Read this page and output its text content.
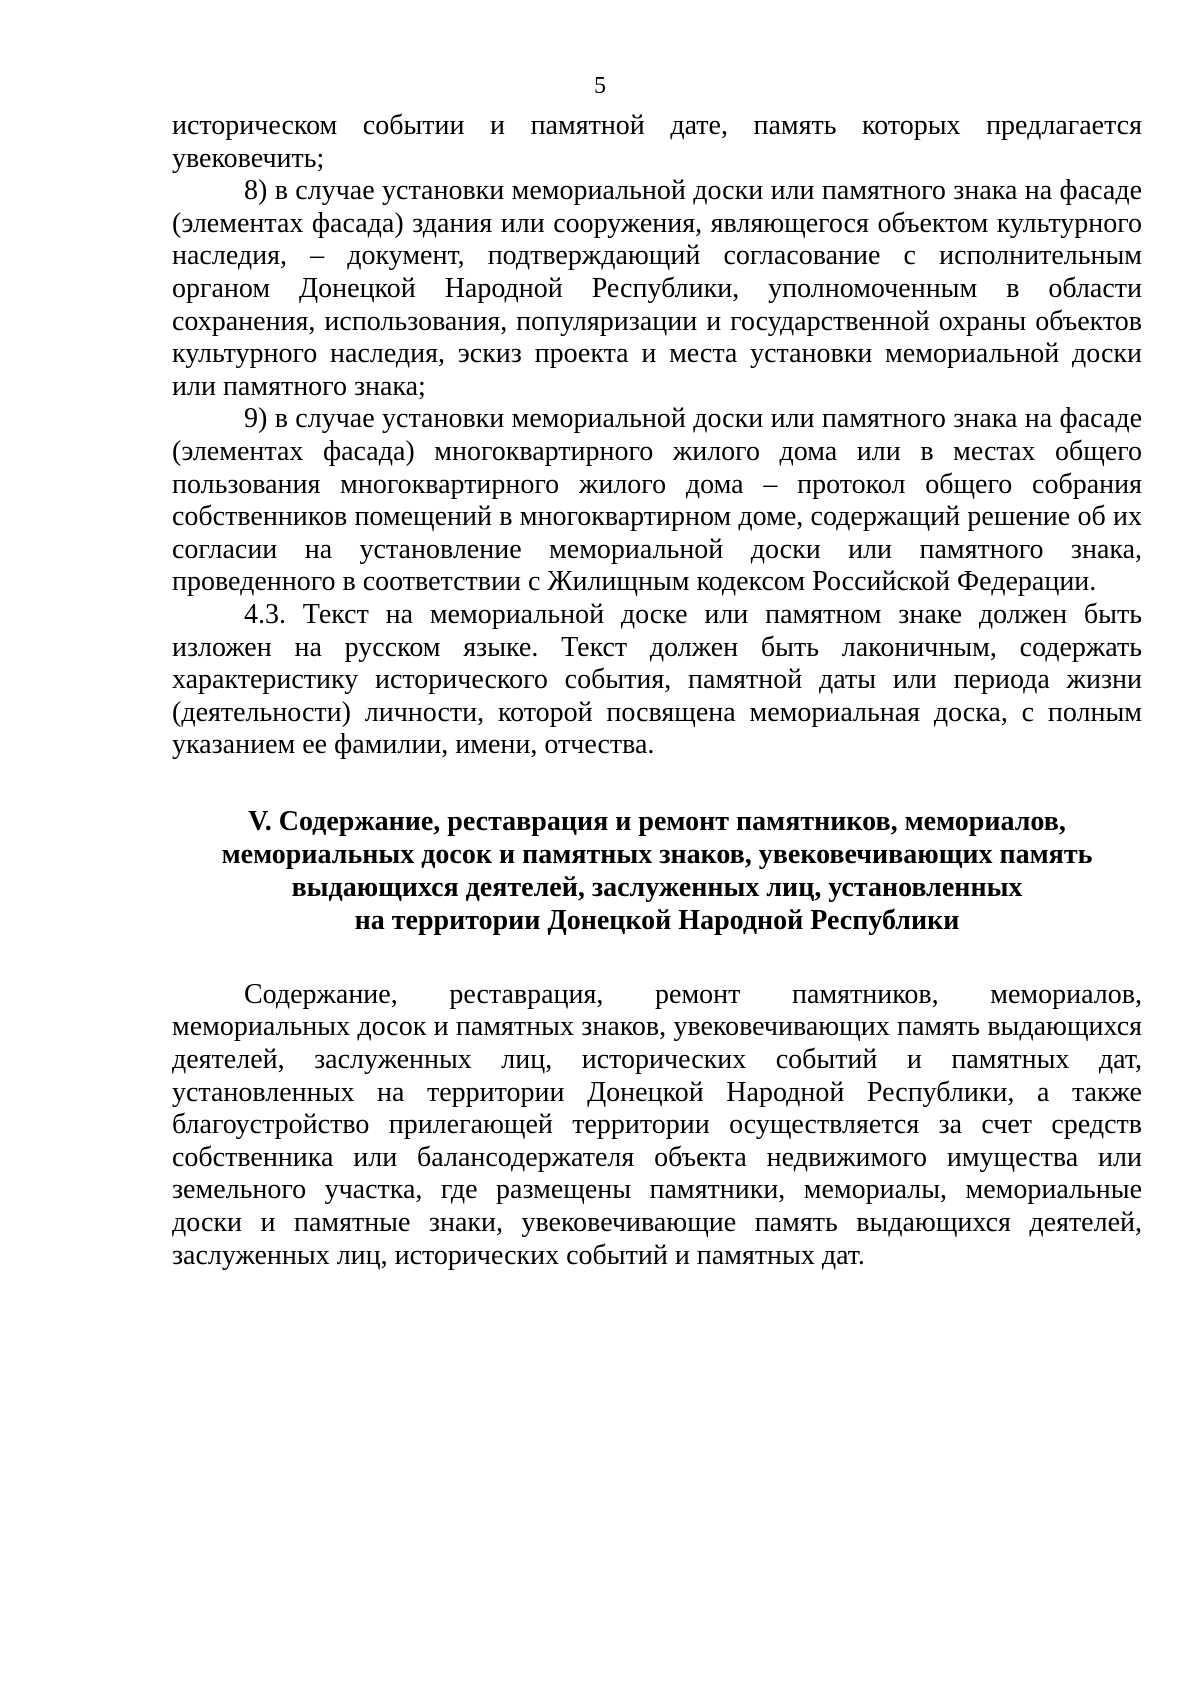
5

историческом событии и памятной дате, память которых предлагается увековечить;

8) в случае установки мемориальной доски или памятного знака на фасаде (элементах фасада) здания или сооружения, являющегося объектом культурного наследия, – документ, подтверждающий согласование с исполнительным органом Донецкой Народной Республики, уполномоченным в области сохранения, использования, популяризации и государственной охраны объектов культурного наследия, эскиз проекта и места установки мемориальной доски или памятного знака;

9) в случае установки мемориальной доски или памятного знака на фасаде (элементах фасада) многоквартирного жилого дома или в местах общего пользования многоквартирного жилого дома – протокол общего собрания собственников помещений в многоквартирном доме, содержащий решение об их согласии на установление мемориальной доски или памятного знака, проведенного в соответствии с Жилищным кодексом Российской Федерации.

4.3. Текст на мемориальной доске или памятном знаке должен быть изложен на русском языке. Текст должен быть лаконичным, содержать характеристику исторического события, памятной даты или периода жизни (деятельности) личности, которой посвящена мемориальная доска, с полным указанием ее фамилии, имени, отчества.

V. Содержание, реставрация и ремонт памятников, мемориалов,
мемориальных досок и памятных знаков, увековечивающих память
выдающихся деятелей, заслуженных лиц, установленных
на территории Донецкой Народной Республики

Содержание, реставрация, ремонт памятников, мемориалов, мемориальных досок и памятных знаков, увековечивающих память выдающихся деятелей, заслуженных лиц, исторических событий и памятных дат, установленных на территории Донецкой Народной Республики, а также благоустройство прилегающей территории осуществляется за счет средств собственника или балансодержателя объекта недвижимого имущества или земельного участка, где размещены памятники, мемориалы, мемориальные доски и памятные знаки, увековечивающие память выдающихся деятелей, заслуженных лиц, исторических событий и памятных дат.
